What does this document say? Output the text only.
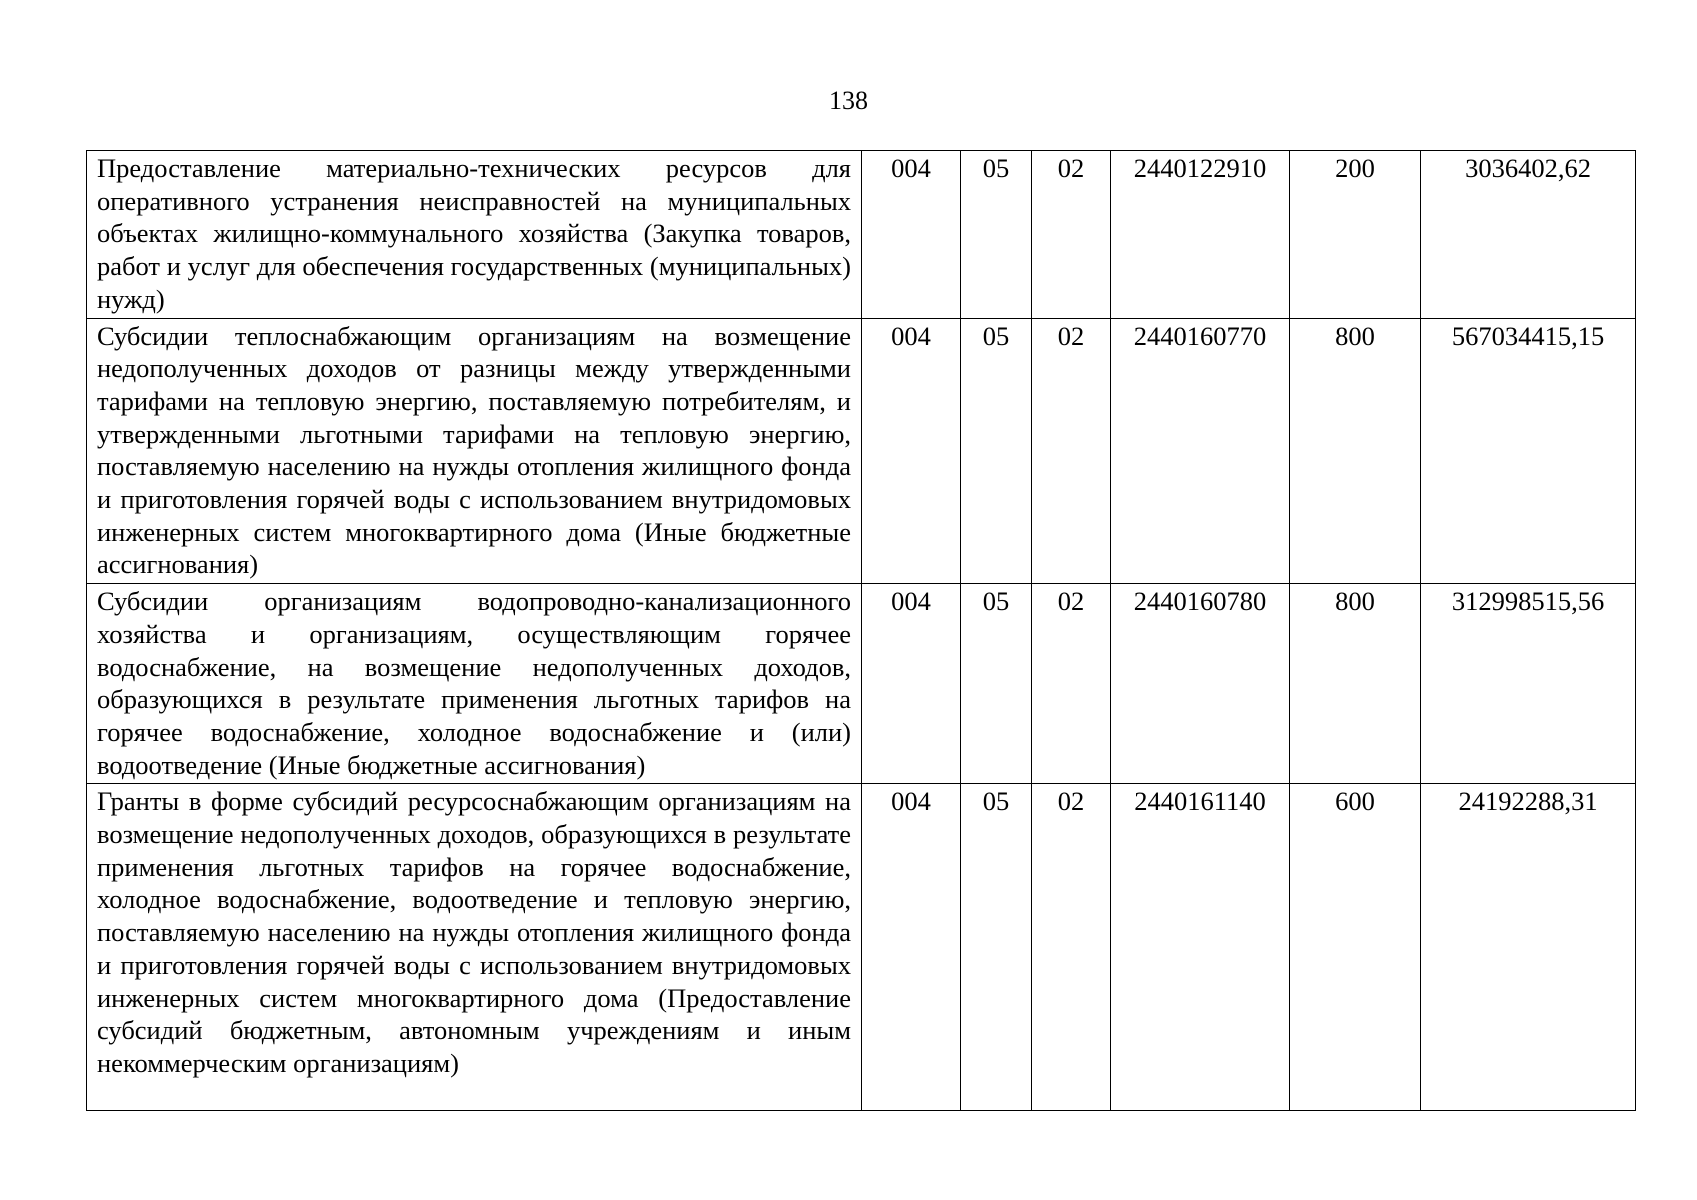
138
Предоставление материально-технических ресурсов для оперативного устранения неисправностей на муниципальных объектах жилищно-коммунального хозяйства (Закупка товаров, работ и услуг для обеспечения государственных (муниципальных) нужд)	004	05	02	2440122910	200	3036402,62
Субсидии теплоснабжающим организациям на возмещение недополученных доходов от разницы между утвержденными тарифами на тепловую энергию, поставляемую потребителям, и утвержденными льготными тарифами на тепловую энергию, поставляемую населению на нужды отопления жилищного фонда и приготовления горячей воды с использованием внутридомовых инженерных систем многоквартирного дома (Иные бюджетные ассигнования)	004	05	02	2440160770	800	567034415,15
Субсидии организациям водопроводно-канализационного хозяйства и организациям, осуществляющим горячее водоснабжение, на возмещение недополученных доходов, образующихся в результате применения льготных тарифов на горячее водоснабжение, холодное водоснабжение и (или) водоотведение (Иные бюджетные ассигнования)	004	05	02	2440160780	800	312998515,56
Гранты в форме субсидий ресурсоснабжающим организациям на возмещение недополученных доходов, образующихся в результате применения льготных тарифов на горячее водоснабжение, холодное водоснабжение, водоотведение и тепловую энергию, поставляемую населению на нужды отопления жилищного фонда и приготовления горячей воды с использованием внутридомовых инженерных систем многоквартирного дома (Предоставление субсидий бюджетным, автономным учреждениям и иным некоммерческим организациям)	004	05	02	2440161140	600	24192288,31
